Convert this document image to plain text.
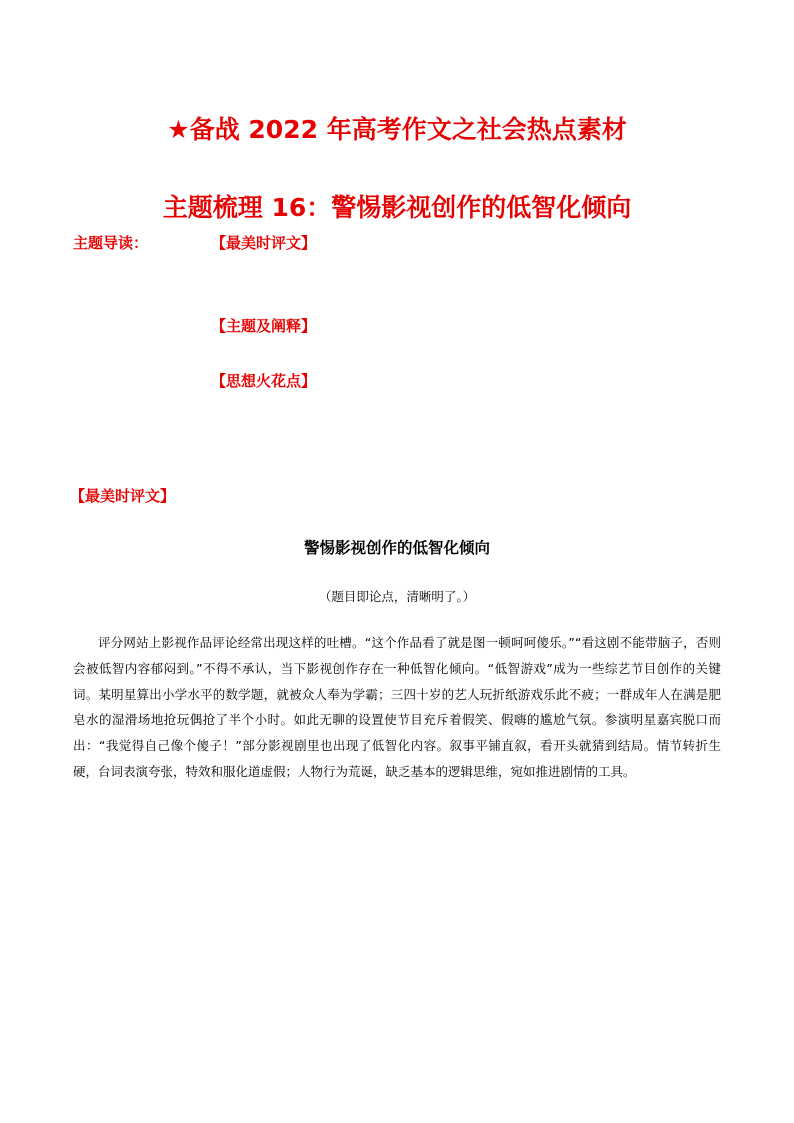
★备战 2022 年高考作文之社会热点素材
主题梳理 16：警惕影视创作的低智化倾向
主题导读：	【最美时评文】
【主题及阐释】
【思想火花点】
【最美时评文】
警惕影视创作的低智化倾向
（题目即论点，清晰明了。）

评分网站上影视作品评论经常出现这样的吐槽。“这个作品看了就是图一顿呵呵傻乐。”“看这剧不能带脑子，否则会被低智内容郁闷到。”不得不承认，当下影视创作存在一种低智化倾向。“低智游戏”成为一些综艺节目创作的关键词。某明星算出小学水平的数学题，就被众人奉为学霸；三四十岁的艺人玩折纸游戏乐此不疲；一群成年人在满是肥皂水的湿滑场地抢玩偶抢了半个小时。如此无聊的设置使节目充斥着假笑、假嗨的尴尬气氛。参演明星嘉宾脱口而出：“我觉得自己像个傻子！”部分影视剧里也出现了低智化内容。叙事平铺直叙，看开头就猜到结局。情节转折生硬，台词表演夸张，特效和服化道虚假；人物行为荒诞，缺乏基本的逻辑思维，宛如推进剧情的工具。
